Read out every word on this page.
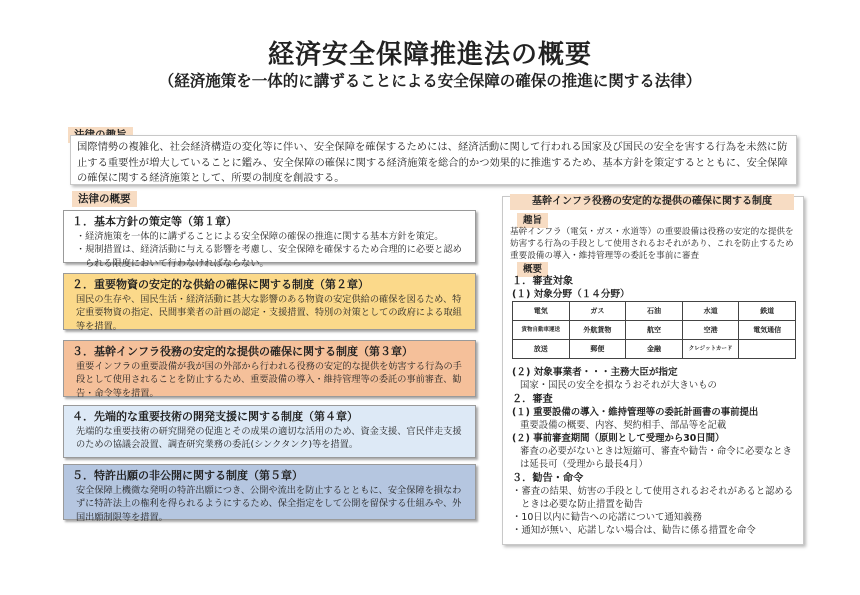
経済安全保障推進法の概要
（経済施策を一体的に講ずることによる安全保障の確保の推進に関する法律）
国際情勢の複雑化、社会経済構造の変化等に伴い、安全保障を確保するためには、経済活動に関して行われる国家及び国民の安全を害する行為を未然に防止する重要性が増大していることに鑑み、安全保障の確保に関する経済施策を総合的かつ効果的に推進するため、基本方針を策定するとともに、安全保障の確保に関する経済施策として、所要の制度を創設する。
法律の概要
１．基本方針の策定等（第１章）
・経済施策を一体的に講ずることによる安全保障の確保の推進に関する基本方針を策定。
・規制措置は、経済活動に与える影響を考慮し、安全保障を確保するため合理的に必要と認められる限度において行わなければならない。
２．重要物資の安定的な供給の確保に関する制度（第２章）
国民の生存や、国民生活・経済活動に甚大な影響のある物資の安定供給の確保を図るため、特定重要物資の指定、民間事業者の計画の認定・支援措置、特別の対策としての政府による取組等を措置。
３．基幹インフラ役務の安定的な提供の確保に関する制度（第３章）
重要インフラの重要設備が我が国の外部から行われる役務の安定的な提供を妨害する行為の手段として使用されることを防止するため、重要設備の導入・維持管理等の委託の事前審査、勧告・命令等を措置。
４．先端的な重要技術の開発支援に関する制度（第４章）
先端的な重要技術の研究開発の促進とその成果の適切な活用のため、資金支援、官民伴走支援のための協議会設置、調査研究業務の委託(シンクタンク)等を措置。
５．特許出願の非公開に関する制度（第５章）
安全保障上機微な発明の特許出願につき、公開や流出を防止するとともに、安全保障を損なわずに特許法上の権利を得られるようにするため、保全指定をして公開を留保する仕組みや、外国出願制限等を措置。
基幹インフラ役務の安定的な提供の確保に関する制度
趣旨
基幹インフラ（電気・ガス・水道等）の重要設備は役務の安定的な提供を妨害する行為の手段として使用されるおそれがあり、これを防止するため重要設備の導入・維持管理等の委託を事前に審査
概要
１．審査対象
(１) 対象分野（１４分野）
電気	ガス	石油	水道	鉄道
貨物自動車運送	外航貨物	航空	空港	電気通信
放送	郵便	金融	クレジットカード	
(２) 対象事業者・・・主務大臣が指定
国家・国民の安全を損なうおそれが大きいもの
２．審査
(１) 重要設備の導入・維持管理等の委託計画書の事前提出
重要設備の概要、内容、契約相手、部品等を記載
(２) 事前審査期間（原則として受理から30日間）
審査の必要がないときは短縮可、審査や勧告・命令に必要なときは延長可（受理から最長4月）
３．勧告・命令
・審査の結果、妨害の手段として使用されるおそれがあると認めるときは必要な防止措置を勧告
・10日以内に勧告への応諾について通知義務
・通知が無い、応諾しない場合は、勧告に係る措置を命令
